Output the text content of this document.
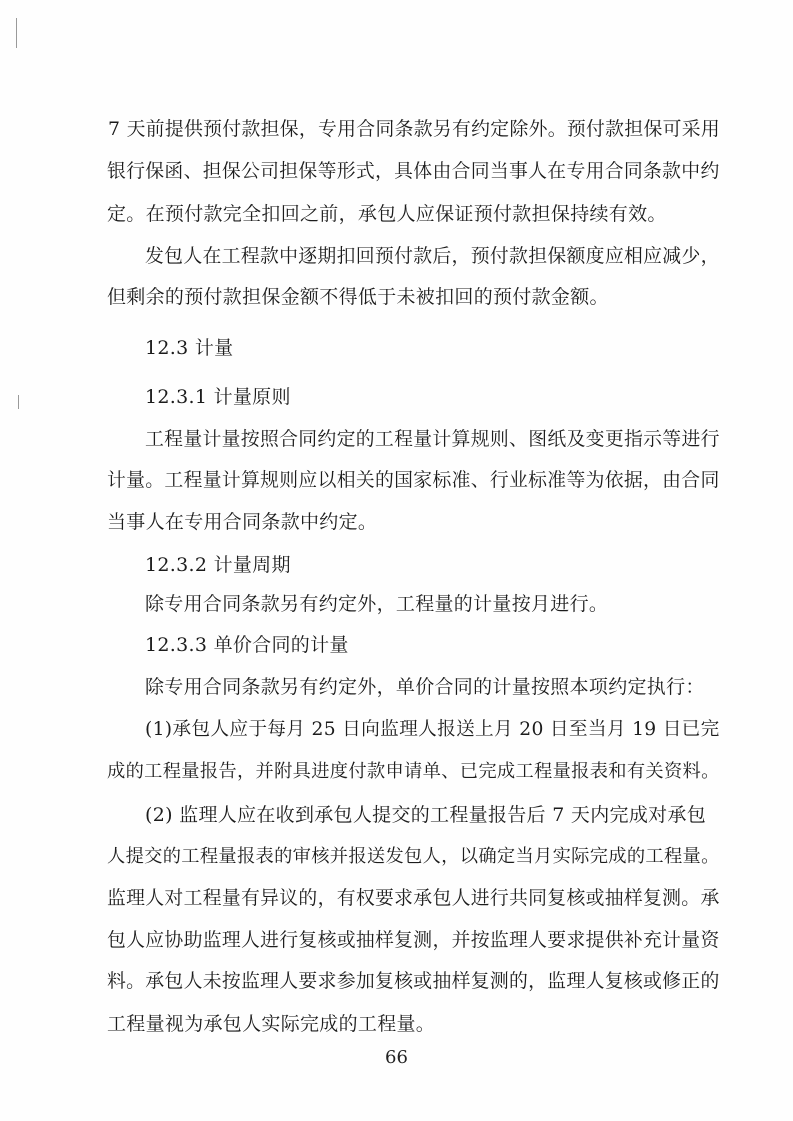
7 天前提供预付款担保，专用合同条款另有约定除外。预付款担保可采用
银行保函、担保公司担保等形式，具体由合同当事人在专用合同条款中约
定。在预付款完全扣回之前，承包人应保证预付款担保持续有效。
发包人在工程款中逐期扣回预付款后，预付款担保额度应相应减少，
但剩余的预付款担保金额不得低于未被扣回的预付款金额。
12.3 计量
12.3.1 计量原则
工程量计量按照合同约定的工程量计算规则、图纸及变更指示等进行
计量。工程量计算规则应以相关的国家标准、行业标准等为依据，由合同
当事人在专用合同条款中约定。
12.3.2 计量周期
除专用合同条款另有约定外，工程量的计量按月进行。
12.3.3 单价合同的计量
除专用合同条款另有约定外，单价合同的计量按照本项约定执行：
(1)承包人应于每月 25 日向监理人报送上月 20 日至当月 19 日已完
成的工程量报告，并附具进度付款申请单、已完成工程量报表和有关资料。
(2) 监理人应在收到承包人提交的工程量报告后 7 天内完成对承包
人提交的工程量报表的审核并报送发包人，以确定当月实际完成的工程量。
监理人对工程量有异议的，有权要求承包人进行共同复核或抽样复测。承
包人应协助监理人进行复核或抽样复测，并按监理人要求提供补充计量资
料。承包人未按监理人要求参加复核或抽样复测的，监理人复核或修正的
工程量视为承包人实际完成的工程量。
66
